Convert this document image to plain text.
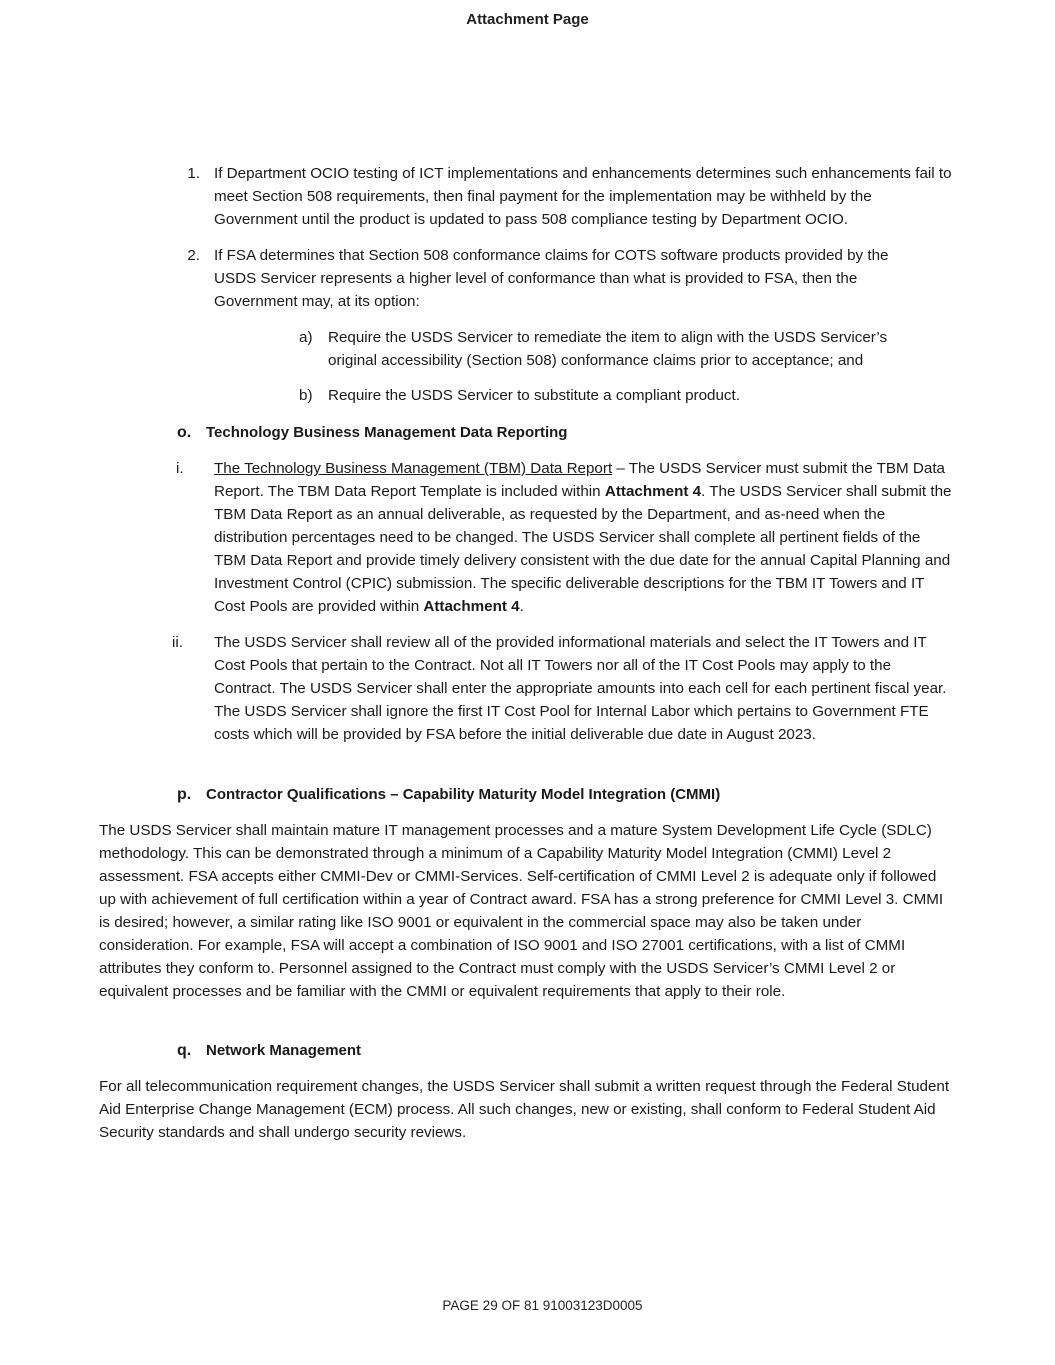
Attachment Page
1. If Department OCIO testing of ICT implementations and enhancements determines such enhancements fail to meet Section 508 requirements, then final payment for the implementation may be withheld by the Government until the product is updated to pass 508 compliance testing by Department OCIO.
2. If FSA determines that Section 508 conformance claims for COTS software products provided by the USDS Servicer represents a higher level of conformance than what is provided to FSA, then the Government may, at its option:
a)	Require the USDS Servicer to remediate the item to align with the USDS Servicer’s original accessibility (Section 508) conformance claims prior to acceptance; and
b)	Require the USDS Servicer to substitute a compliant product.
o. Technology Business Management Data Reporting
i.	The Technology Business Management (TBM) Data Report – The USDS Servicer must submit the TBM Data Report. The TBM Data Report Template is included within Attachment 4. The USDS Servicer shall submit the TBM Data Report as an annual deliverable, as requested by the Department, and as-need when the distribution percentages need to be changed. The USDS Servicer shall complete all pertinent fields of the TBM Data Report and provide timely delivery consistent with the due date for the annual Capital Planning and Investment Control (CPIC) submission. The specific deliverable descriptions for the TBM IT Towers and IT Cost Pools are provided within Attachment 4.
ii.	The USDS Servicer shall review all of the provided informational materials and select the IT Towers and IT Cost Pools that pertain to the Contract. Not all IT Towers nor all of the IT Cost Pools may apply to the Contract. The USDS Servicer shall enter the appropriate amounts into each cell for each pertinent fiscal year. The USDS Servicer shall ignore the first IT Cost Pool for Internal Labor which pertains to Government FTE costs which will be provided by FSA before the initial deliverable due date in August 2023.
p. Contractor Qualifications – Capability Maturity Model Integration (CMMI)
The USDS Servicer shall maintain mature IT management processes and a mature System Development Life Cycle (SDLC) methodology. This can be demonstrated through a minimum of a Capability Maturity Model Integration (CMMI) Level 2 assessment. FSA accepts either CMMI-Dev or CMMI-Services. Self-certification of CMMI Level 2 is adequate only if followed up with achievement of full certification within a year of Contract award. FSA has a strong preference for CMMI Level 3. CMMI is desired; however, a similar rating like ISO 9001 or equivalent in the commercial space may also be taken under consideration. For example, FSA will accept a combination of ISO 9001 and ISO 27001 certifications, with a list of CMMI attributes they conform to. Personnel assigned to the Contract must comply with the USDS Servicer’s CMMI Level 2 or equivalent processes and be familiar with the CMMI or equivalent requirements that apply to their role.
q. Network Management
For all telecommunication requirement changes, the USDS Servicer shall submit a written request through the Federal Student Aid Enterprise Change Management (ECM) process. All such changes, new or existing, shall conform to Federal Student Aid Security standards and shall undergo security reviews.
PAGE 29 OF 81 91003123D0005
